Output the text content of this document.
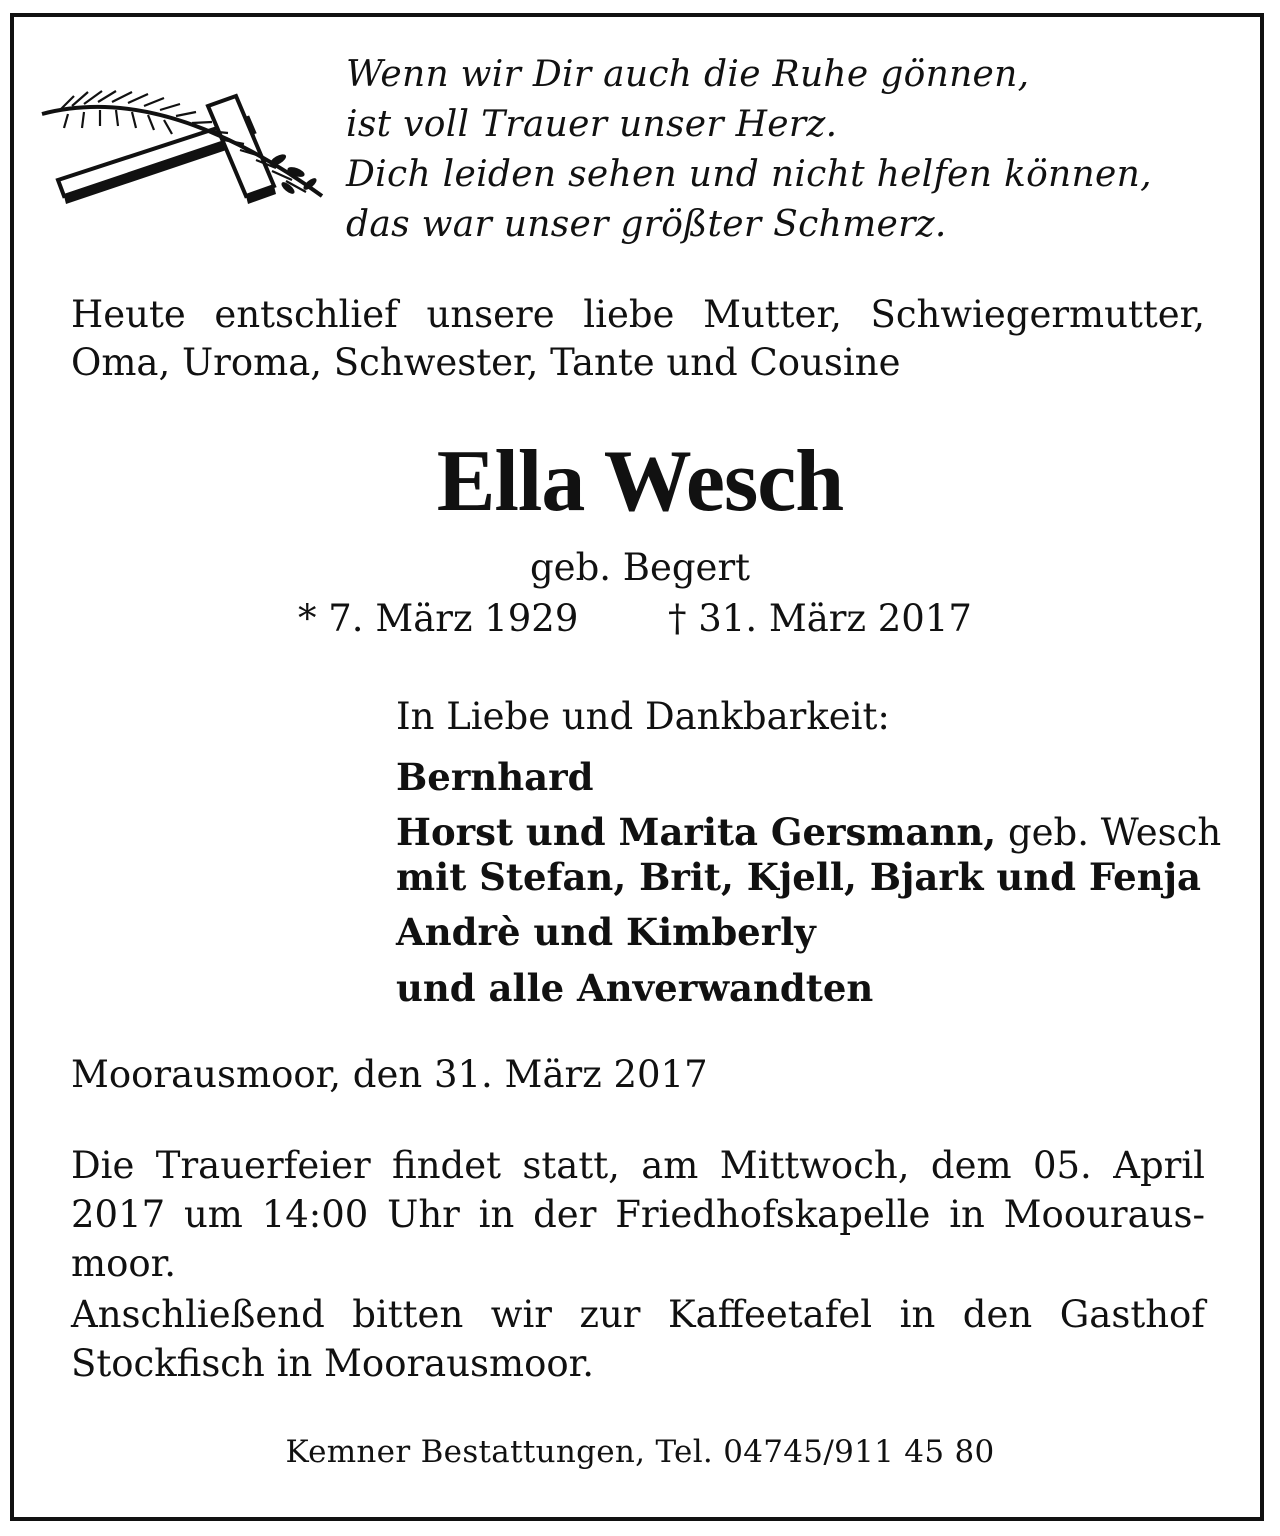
Wenn wir Dir auch die Ruhe gönnen,
ist voll Trauer unser Herz.
Dich leiden sehen und nicht helfen können,
das war unser größter Schmerz.
Heute entschlief unsere liebe Mutter, Schwiegermutter,
Oma, Uroma, Schwester, Tante und Cousine
Ella Wesch
geb. Begert
* 7. März 1929 † 31. März 2017
In Liebe und Dankbarkeit:
Bernhard
Horst und Marita Gersmann, geb. Wesch
mit Stefan, Brit, Kjell, Bjark und Fenja
Andrè und Kimberly
und alle Anverwandten
Moorausmoor, den 31. März 2017
Die Trauerfeier findet statt, am Mittwoch, dem 05. April
2017 um 14:00 Uhr in der Friedhofskapelle in Moouraus-
moor.
Anschließend bitten wir zur Kaffeetafel in den Gasthof
Stockfisch in Moorausmoor.
Kemner Bestattungen, Tel. 04745/911 45 80
